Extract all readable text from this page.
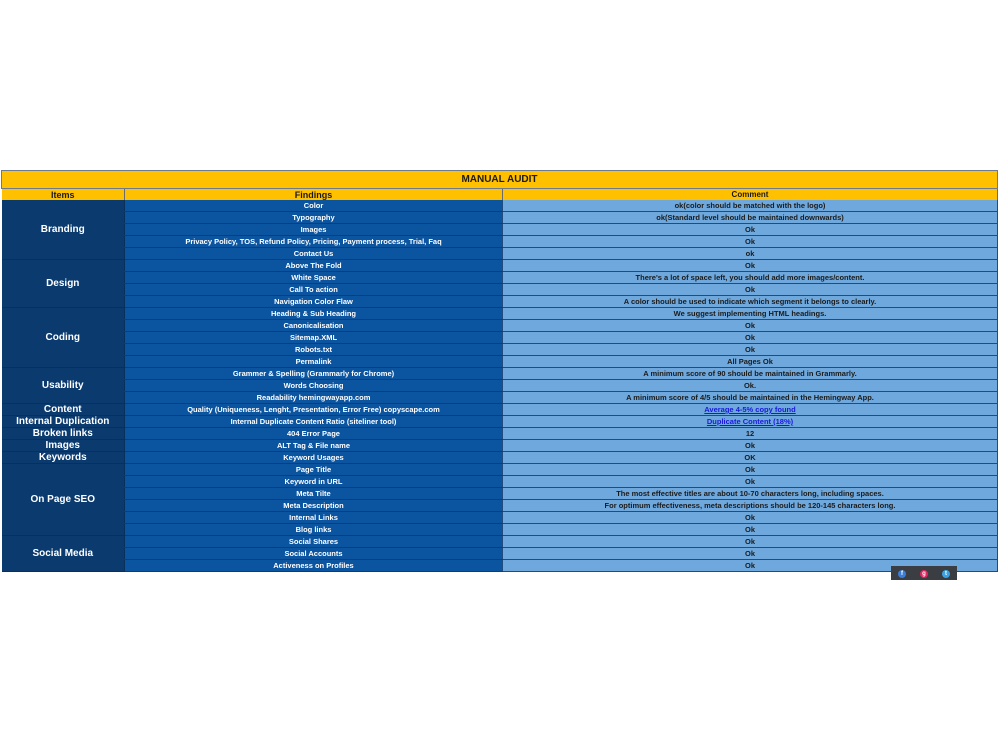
MANUAL AUDIT		
Items	Findings	Comment
Branding	Color	ok(color should be matched with the logo)
	Typography	ok(Standard level should be maintained downwards)
	Images	Ok
	Privacy Policy, TOS, Refund Policy, Pricing, Payment process, Trial, Faq	Ok
	Contact Us	ok
Design	Above The Fold	Ok
	White Space	There's a lot of space left, you should add more images/content.
	Call To action	Ok
	Navigation Color Flaw	A color should be used to indicate which segment it belongs to clearly.
Coding	Heading & Sub Heading	We suggest implementing HTML headings.
	Canonicalisation	Ok
	Sitemap.XML	Ok
	Robots.txt	Ok
	Permalink	All Pages Ok
Usability	Grammer & Spelling (Grammarly for Chrome)	A minimum score of 90 should be maintained in Grammarly.
	Words Choosing	Ok.
	Readability hemingwayapp.com	A minimum score of 4/5 should be maintained in the Hemingway App.
Content	Quality (Uniqueness, Lenght, Presentation, Error Free) copyscape.com	Average 4-5% copy found
Internal Duplication	Internal Duplicate Content Ratio (siteliner tool)	Duplicate Content (18%)
Broken links	404 Error Page	12
Images	ALT Tag & File name	Ok
Keywords	Keyword Usages	OK
On Page SEO	Page Title	Ok
	Keyword in URL	Ok
	Meta Tilte	The most effective titles are about 10-70 characters long, including spaces.
	Meta Description	For optimum effectiveness, meta descriptions should be 120-145 characters long.
	Internal Links	Ok
	Blog links	Ok
Social Media	Social Shares	Ok
	Social Accounts	Ok
	Activeness on Profiles	Ok
f	g	t
